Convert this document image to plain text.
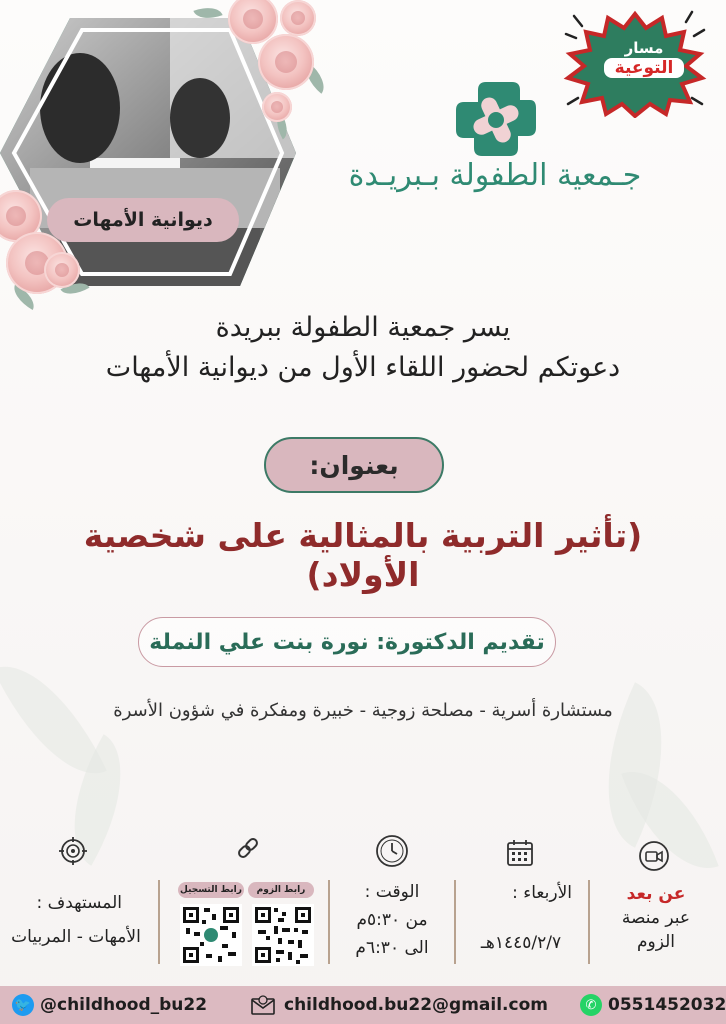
ديوانية الأمهات
مسار
التوعية
جـمعية الطفولة بـبريـدة
يسر جمعية الطفولة ببريدة
دعوتكم لحضور اللقاء الأول من ديوانية الأمهات
بعنوان:
(تأثير التربية بالمثالية على شخصية الأولاد)
تقديم الدكتورة: نورة بنت علي النملة
مستشارة أسرية - مصلحة زوجية - خبيرة ومفكرة في شؤون الأسرة
عن بعد
عبر منصة
الزوم
الأربعاء :
١٤٤٥/٢/٧هـ
الوقت :
من ٥:٣٠م
الى ٦:٣٠م
رابط الزوم
رابط التسجيل
المستهدف :
الأمهات - المربيات
🐦 @childhood_bu22	childhood.bu22@gmail.com	✆ 0551452032
